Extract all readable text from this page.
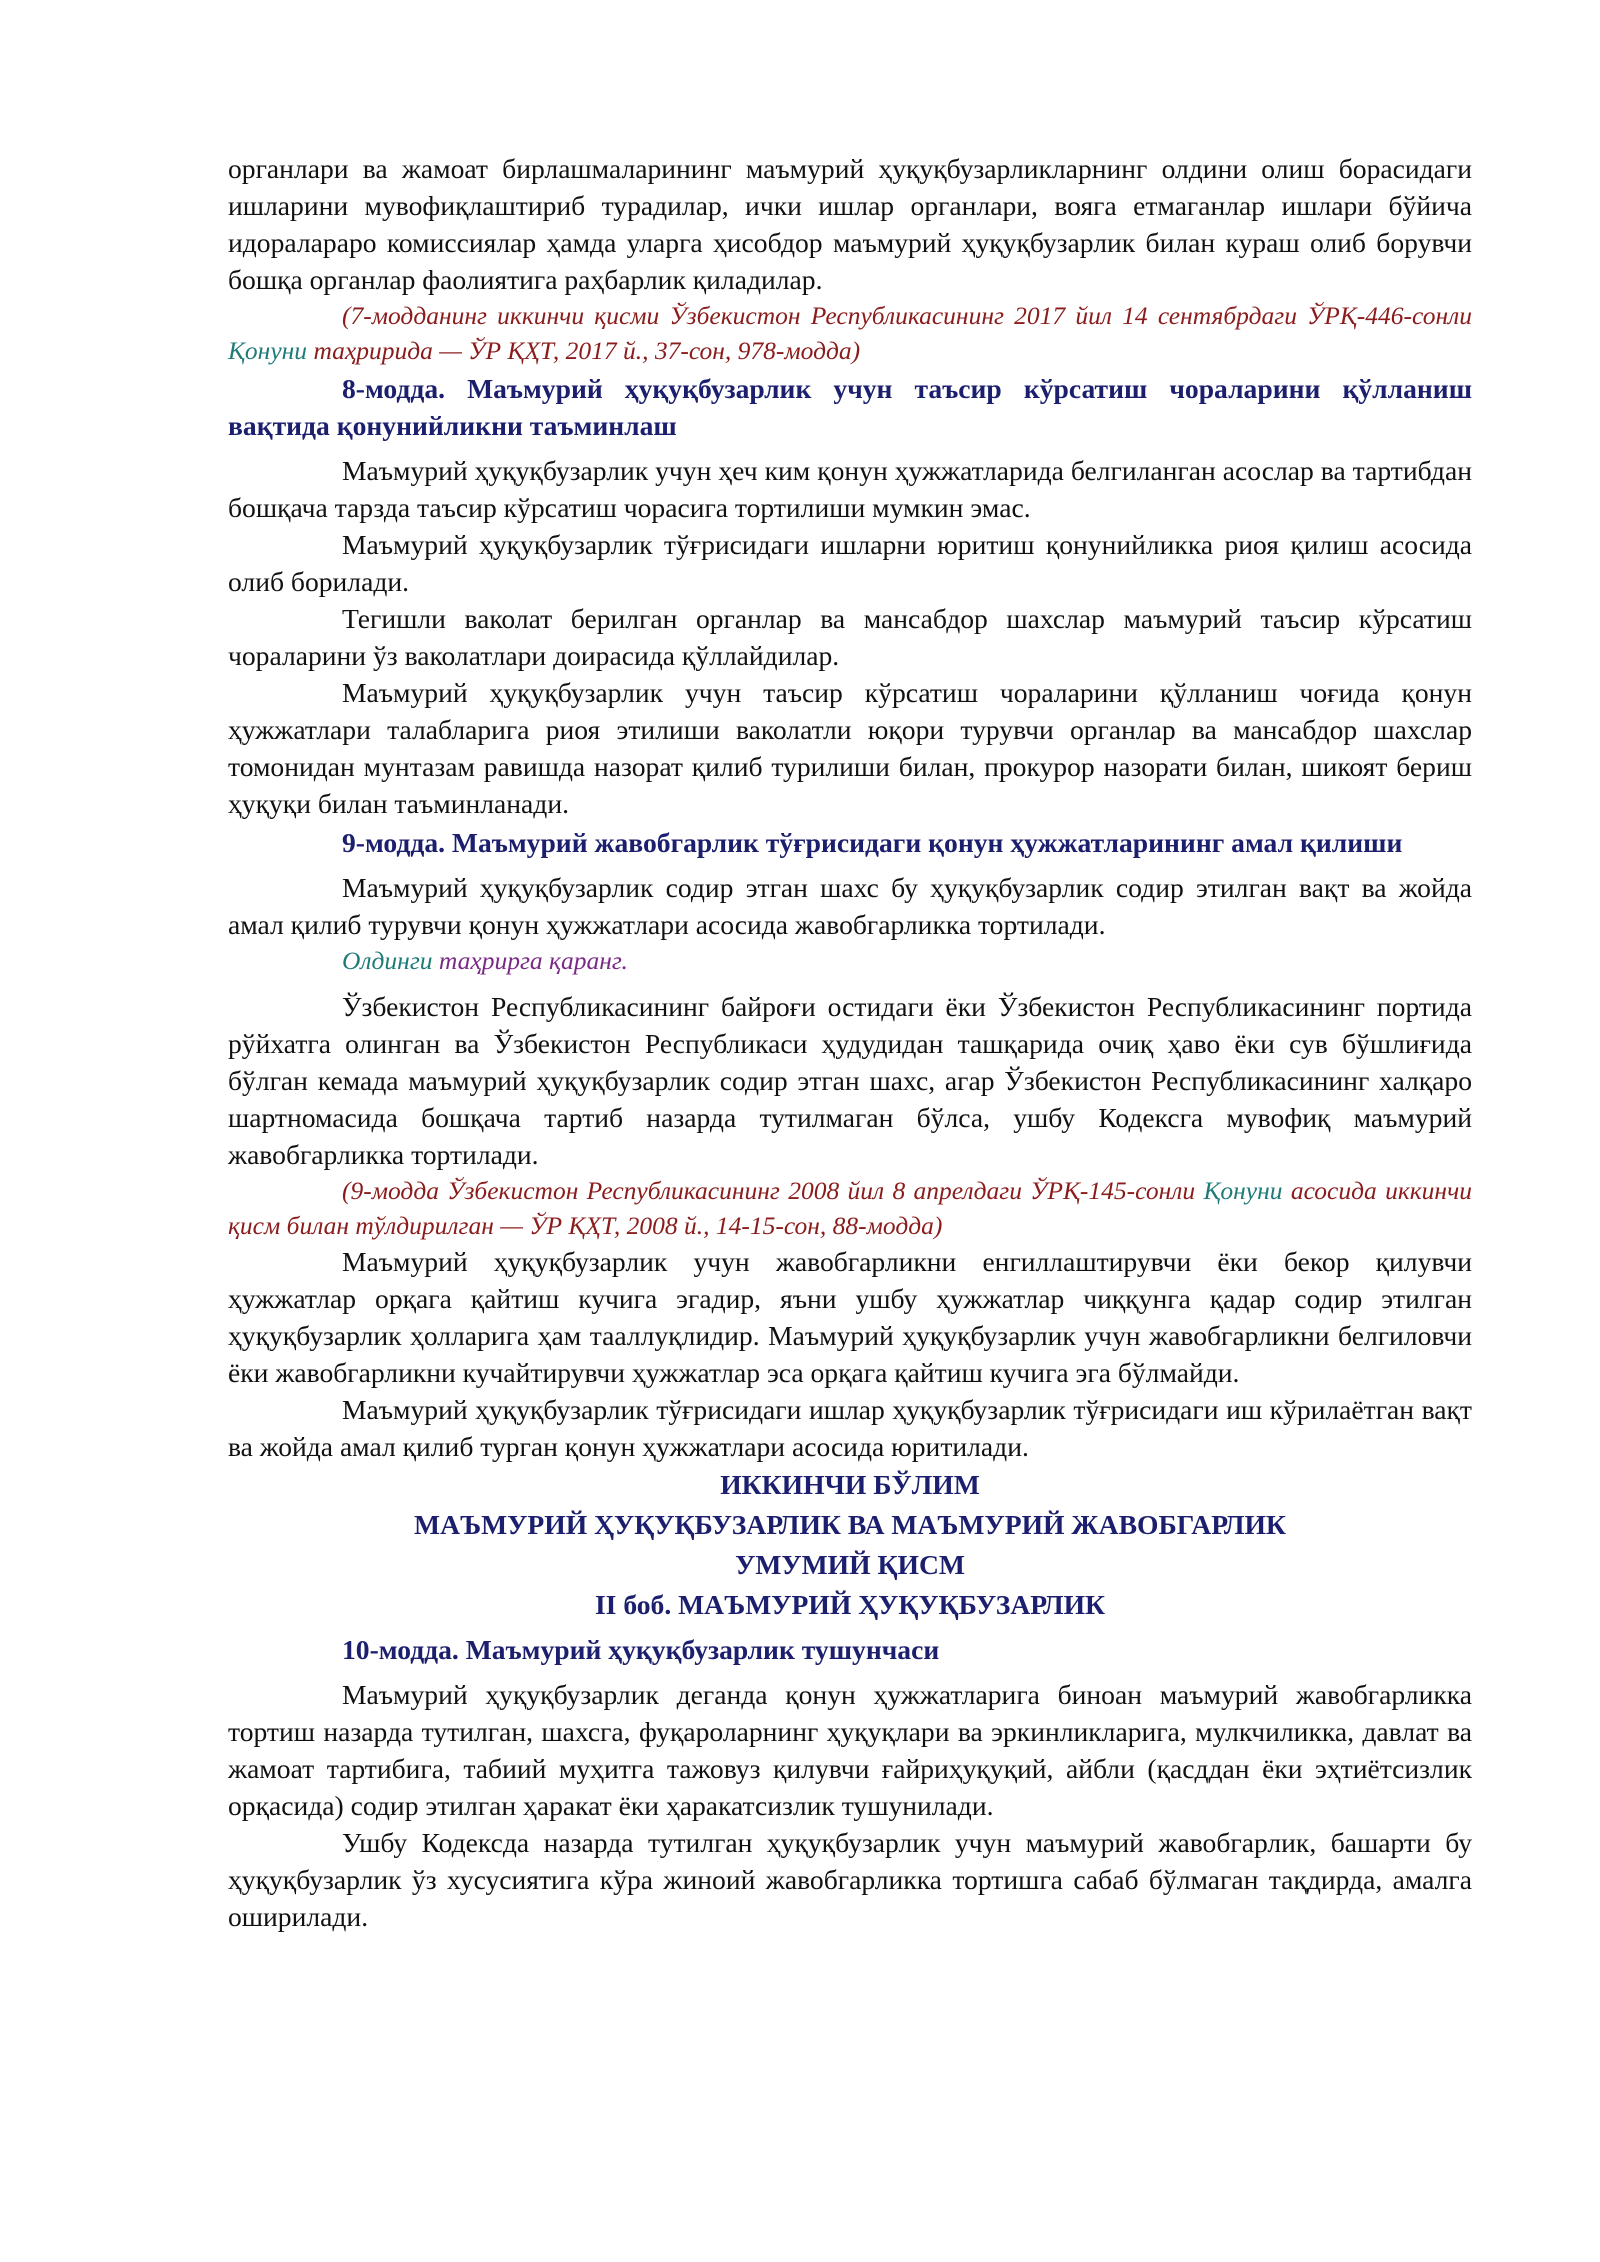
органлари ва жамоат бирлашмаларининг маъмурий ҳуқуқбузарликларнинг олдини олиш борасидаги ишларини мувофиқлаштириб турадилар, ички ишлар органлари, вояга етмаганлар ишлари бўйича идоралараро комиссиялар ҳамда уларга ҳисобдор маъмурий ҳуқуқбузарлик билан кураш олиб борувчи бошқа органлар фаолиятига раҳбарлик қиладилар.

(7-модданинг иккинчи қисми Ўзбекистон Республикасининг 2017 йил 14 сентябрдаги ЎРҚ-446-сонли Қонуни таҳририда — ЎР ҚҲТ, 2017 й., 37-сон, 978-модда)

8-модда. Маъмурий ҳуқуқбузарлик учун таъсир кўрсатиш чораларини қўлланиш вақтида қонунийликни таъминлаш

Маъмурий ҳуқуқбузарлик учун ҳеч ким қонун ҳужжатларида белгиланган асослар ва тартибдан бошқача тарзда таъсир кўрсатиш чорасига тортилиши мумкин эмас.

Маъмурий ҳуқуқбузарлик тўғрисидаги ишларни юритиш қонунийликка риоя қилиш асосида олиб борилади.

Тегишли ваколат берилган органлар ва мансабдор шахслар маъмурий таъсир кўрсатиш чораларини ўз ваколатлари доирасида қўллайдилар.

Маъмурий ҳуқуқбузарлик учун таъсир кўрсатиш чораларини қўлланиш чоғида қонун ҳужжатлари талабларига риоя этилиши ваколатли юқори турувчи органлар ва мансабдор шахслар томонидан мунтазам равишда назорат қилиб турилиши билан, прокурор назорати билан, шикоят бериш ҳуқуқи билан таъминланади.

9-модда. Маъмурий жавобгарлик тўғрисидаги қонун ҳужжатларининг амал қилиши

Маъмурий ҳуқуқбузарлик содир этган шахс бу ҳуқуқбузарлик содир этилган вақт ва жойда амал қилиб турувчи қонун ҳужжатлари асосида жавобгарликка тортилади.

Олдинги таҳрирга қаранг.

Ўзбекистон Республикасининг байроғи остидаги ёки Ўзбекистон Республикасининг портида рўйхатга олинган ва Ўзбекистон Республикаси ҳудудидан ташқарида очиқ ҳаво ёки сув бўшлиғида бўлган кемада маъмурий ҳуқуқбузарлик содир этган шахс, агар Ўзбекистон Республикасининг халқаро шартномасида бошқача тартиб назарда тутилмаган бўлса, ушбу Кодексга мувофиқ маъмурий жавобгарликка тортилади.

(9-модда Ўзбекистон Республикасининг 2008 йил 8 апрелдаги ЎРҚ-145-сонли Қонуни асосида иккинчи қисм билан тўлдирилган — ЎР ҚҲТ, 2008 й., 14-15-сон, 88-модда)

Маъмурий ҳуқуқбузарлик учун жавобгарликни енгиллаштирувчи ёки бекор қилувчи ҳужжатлар орқага қайтиш кучига эгадир, яъни ушбу ҳужжатлар чиққунга қадар содир этилган ҳуқуқбузарлик ҳолларига ҳам тааллуқлидир. Маъмурий ҳуқуқбузарлик учун жавобгарликни белгиловчи ёки жавобгарликни кучайтирувчи ҳужжатлар эса орқага қайтиш кучига эга бўлмайди.

Маъмурий ҳуқуқбузарлик тўғрисидаги ишлар ҳуқуқбузарлик тўғрисидаги иш кўрилаётган вақт ва жойда амал қилиб турган қонун ҳужжатлари асосида юритилади.

ИККИНЧИ БЎЛИМ

МАЪМУРИЙ ҲУҚУҚБУЗАРЛИК ВА МАЪМУРИЙ ЖАВОБГАРЛИК

УМУМИЙ ҚИСМ

II боб. МАЪМУРИЙ ҲУҚУҚБУЗАРЛИК

10-модда. Маъмурий ҳуқуқбузарлик тушунчаси

Маъмурий ҳуқуқбузарлик деганда қонун ҳужжатларига биноан маъмурий жавобгарликка тортиш назарда тутилган, шахсга, фуқароларнинг ҳуқуқлари ва эркинликларига, мулкчиликка, давлат ва жамоат тартибига, табиий муҳитга тажовуз қилувчи ғайриҳуқуқий, айбли (қасддан ёки эҳтиётсизлик орқасида) содир этилган ҳаракат ёки ҳаракатсизлик тушунилади.

Ушбу Кодексда назарда тутилган ҳуқуқбузарлик учун маъмурий жавобгарлик, башарти бу ҳуқуқбузарлик ўз хусусиятига кўра жиноий жавобгарликка тортишга сабаб бўлмаган тақдирда, амалга оширилади.
